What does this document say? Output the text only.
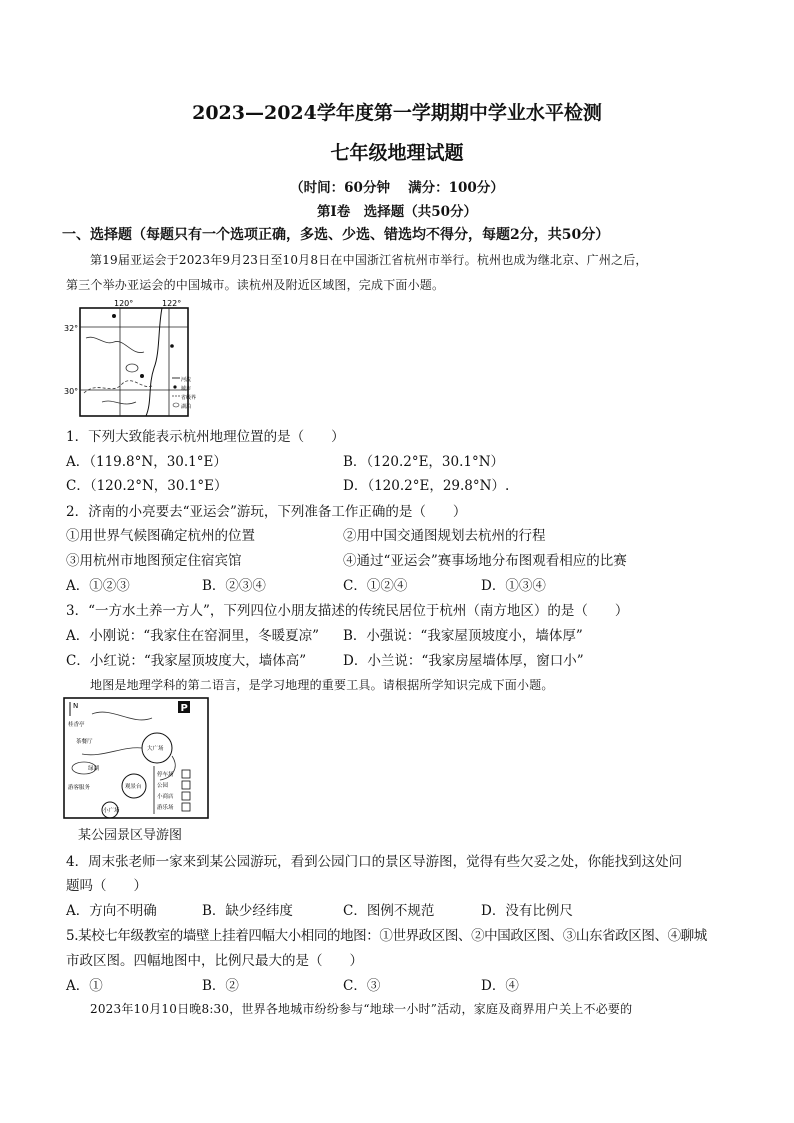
2023—2024学年度第一学期期中学业水平检测
七年级地理试题
（时间：60分钟　 满分：100分）
第Ⅰ卷　选择题（共50分）
一、选择题（每题只有一个选项正确，多选、少选、错选均不得分，每题2分，共50分）
第19届亚运会于2023年9月23日至10月8日在中国浙江省杭州市举行。杭州也成为继北京、广州之后，
第三个举办亚运会的中国城市。读杭州及附近区域图，完成下面小题。
120°	122°
32°
30°
河流
城市
省级界
湖泊
1．下列大致能表示杭州地理位置的是（　　）
A．（119.8°N，30.1°E）	B．（120.2°E，30.1°N）
C．（120.2°N，30.1°E）	D．（120.2°E，29.8°N）.
2．济南的小亮要去“亚运会”游玩，下列准备工作正确的是（　　）
①用世界气候图确定杭州的位置	②用中国交通图规划去杭州的行程
③用杭州市地图预定住宿宾馆	④通过“亚运会”赛事场地分布图观看相应的比赛
A．①②③	B．②③④	C．①②④	D．①③④
3．“一方水土养一方人”，下列四位小朋友描述的传统民居位于杭州（南方地区）的是（　　）
A．小刚说：“我家住在窑洞里，冬暖夏凉” B．小强说：“我家屋顶坡度小，墙体厚”
C．小红说：“我家屋顶坡度大，墙体高”	D．小兰说：“我家房屋墙体厚，窗口小”
地图是地理学科的第二语言，是学习地理的重要工具。请根据所学知识完成下面小题。
N	P
桂香亭
茶餐厅
大广场
观景台
绿湖
游客服务
小广场
停车场
公园
小商店
游乐场
某公园景区导游图
4．周末张老师一家来到某公园游玩，看到公园门口的景区导游图，觉得有些欠妥之处，你能找到这处问
题吗（　　）
A．方向不明确	B．缺少经纬度	C．图例不规范	D．没有比例尺
5.某校七年级教室的墙壁上挂着四幅大小相同的地图：①世界政区图、②中国政区图、③山东省政区图、④聊城
市政区图。四幅地图中，比例尺最大的是（　　）
A．①	B．②	C．③	D．④
2023年10月10日晚8:30，世界各地城市纷纷参与“地球一小时”活动，家庭及商界用户关上不必要的
